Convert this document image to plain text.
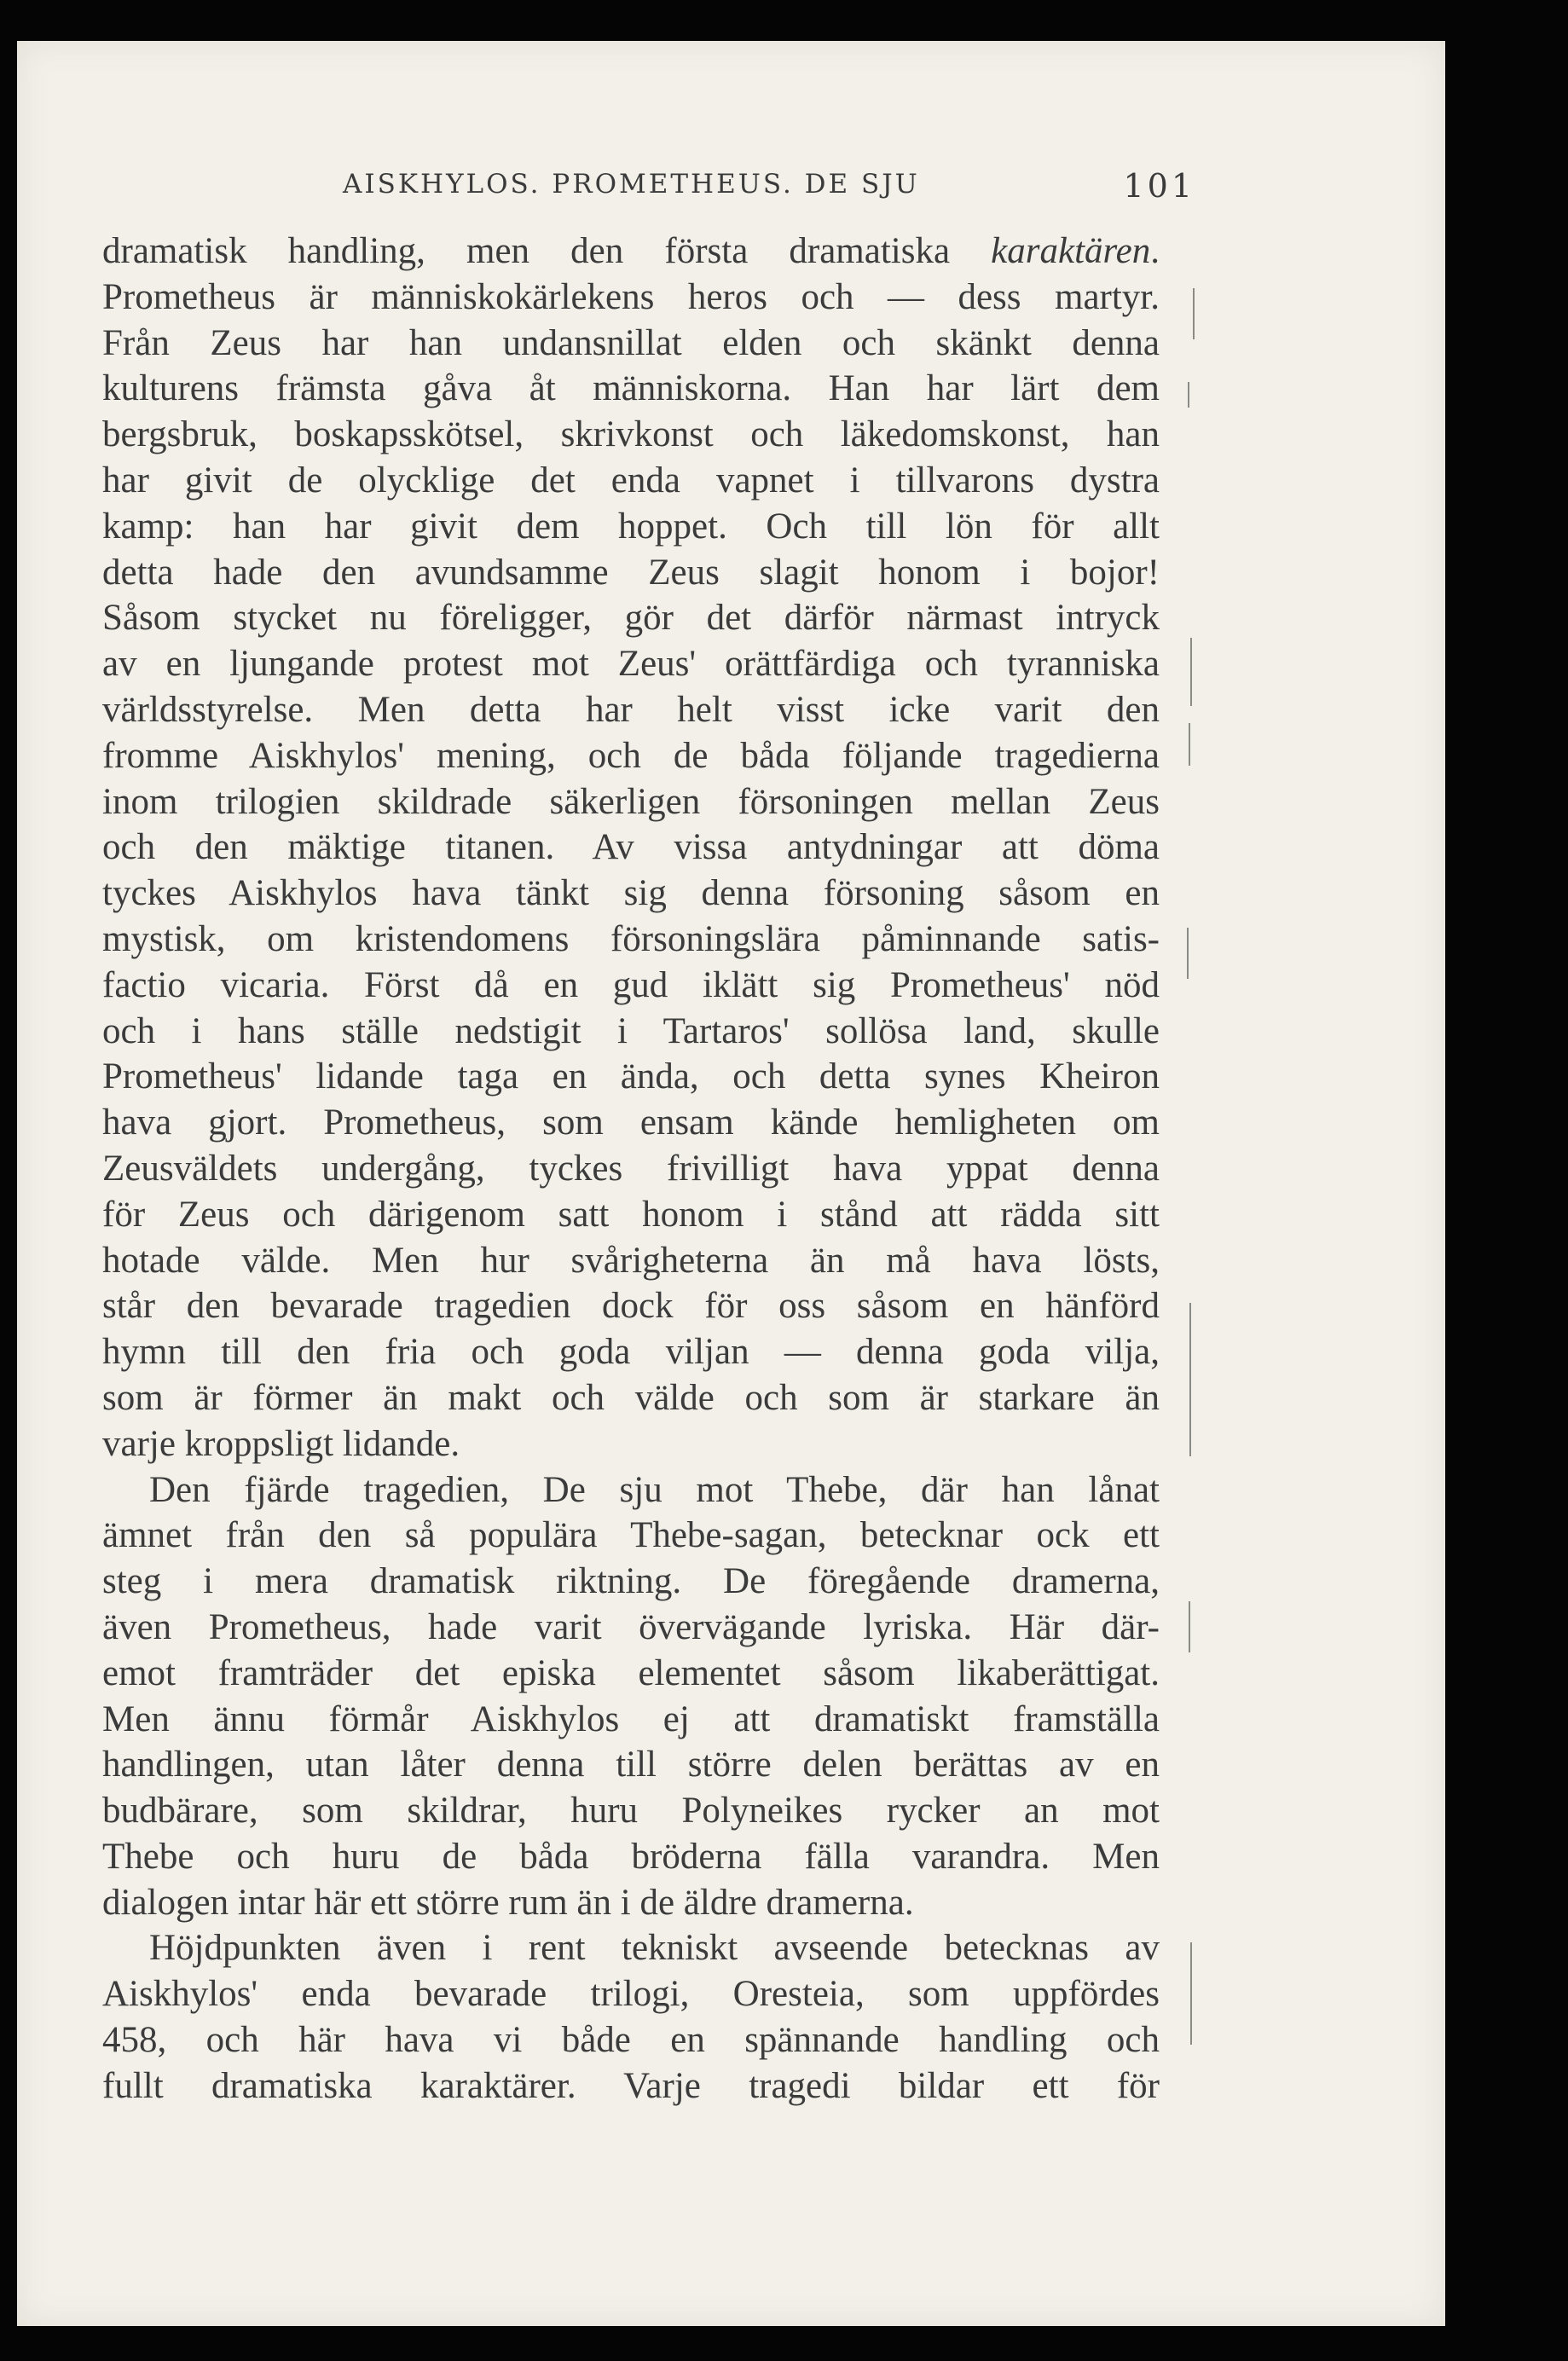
AISKHYLOS. PROMETHEUS. DE SJU	101
dramatisk handling, men den första dramatiska karaktären.
Prometheus är människokärlekens heros och — dess martyr.
Från Zeus har han undansnillat elden och skänkt denna
kulturens främsta gåva åt människorna. Han har lärt dem
bergsbruk, boskapsskötsel, skrivkonst och läkedomskonst, han
har givit de olycklige det enda vapnet i tillvarons dystra
kamp: han har givit dem hoppet. Och till lön för allt
detta hade den avundsamme Zeus slagit honom i bojor!
Såsom stycket nu föreligger, gör det därför närmast intryck
av en ljungande protest mot Zeus' orättfärdiga och tyranniska
världsstyrelse. Men detta har helt visst icke varit den
fromme Aiskhylos' mening, och de båda följande tragedierna
inom trilogien skildrade säkerligen försoningen mellan Zeus
och den mäktige titanen. Av vissa antydningar att döma
tyckes Aiskhylos hava tänkt sig denna försoning såsom en
mystisk, om kristendomens försoningslära påminnande satis-
factio vicaria. Först då en gud iklätt sig Prometheus' nöd
och i hans ställe nedstigit i Tartaros' sollösa land, skulle
Prometheus' lidande taga en ända, och detta synes Kheiron
hava gjort. Prometheus, som ensam kände hemligheten om
Zeusväldets undergång, tyckes frivilligt hava yppat denna
för Zeus och därigenom satt honom i stånd att rädda sitt
hotade välde. Men hur svårigheterna än må hava lösts,
står den bevarade tragedien dock för oss såsom en hänförd
hymn till den fria och goda viljan — denna goda vilja,
som är förmer än makt och välde och som är starkare än
varje kroppsligt lidande.
Den fjärde tragedien, De sju mot Thebe, där han lånat
ämnet från den så populära Thebe-sagan, betecknar ock ett
steg i mera dramatisk riktning. De föregående dramerna,
även Prometheus, hade varit övervägande lyriska. Här där-
emot framträder det episka elementet såsom likaberättigat.
Men ännu förmår Aiskhylos ej att dramatiskt framställa
handlingen, utan låter denna till större delen berättas av en
budbärare, som skildrar, huru Polyneikes rycker an mot
Thebe och huru de båda bröderna fälla varandra. Men
dialogen intar här ett större rum än i de äldre dramerna.
Höjdpunkten även i rent tekniskt avseende betecknas av
Aiskhylos' enda bevarade trilogi, Oresteia, som uppfördes
458, och här hava vi både en spännande handling och
fullt dramatiska karaktärer. Varje tragedi bildar ett för
